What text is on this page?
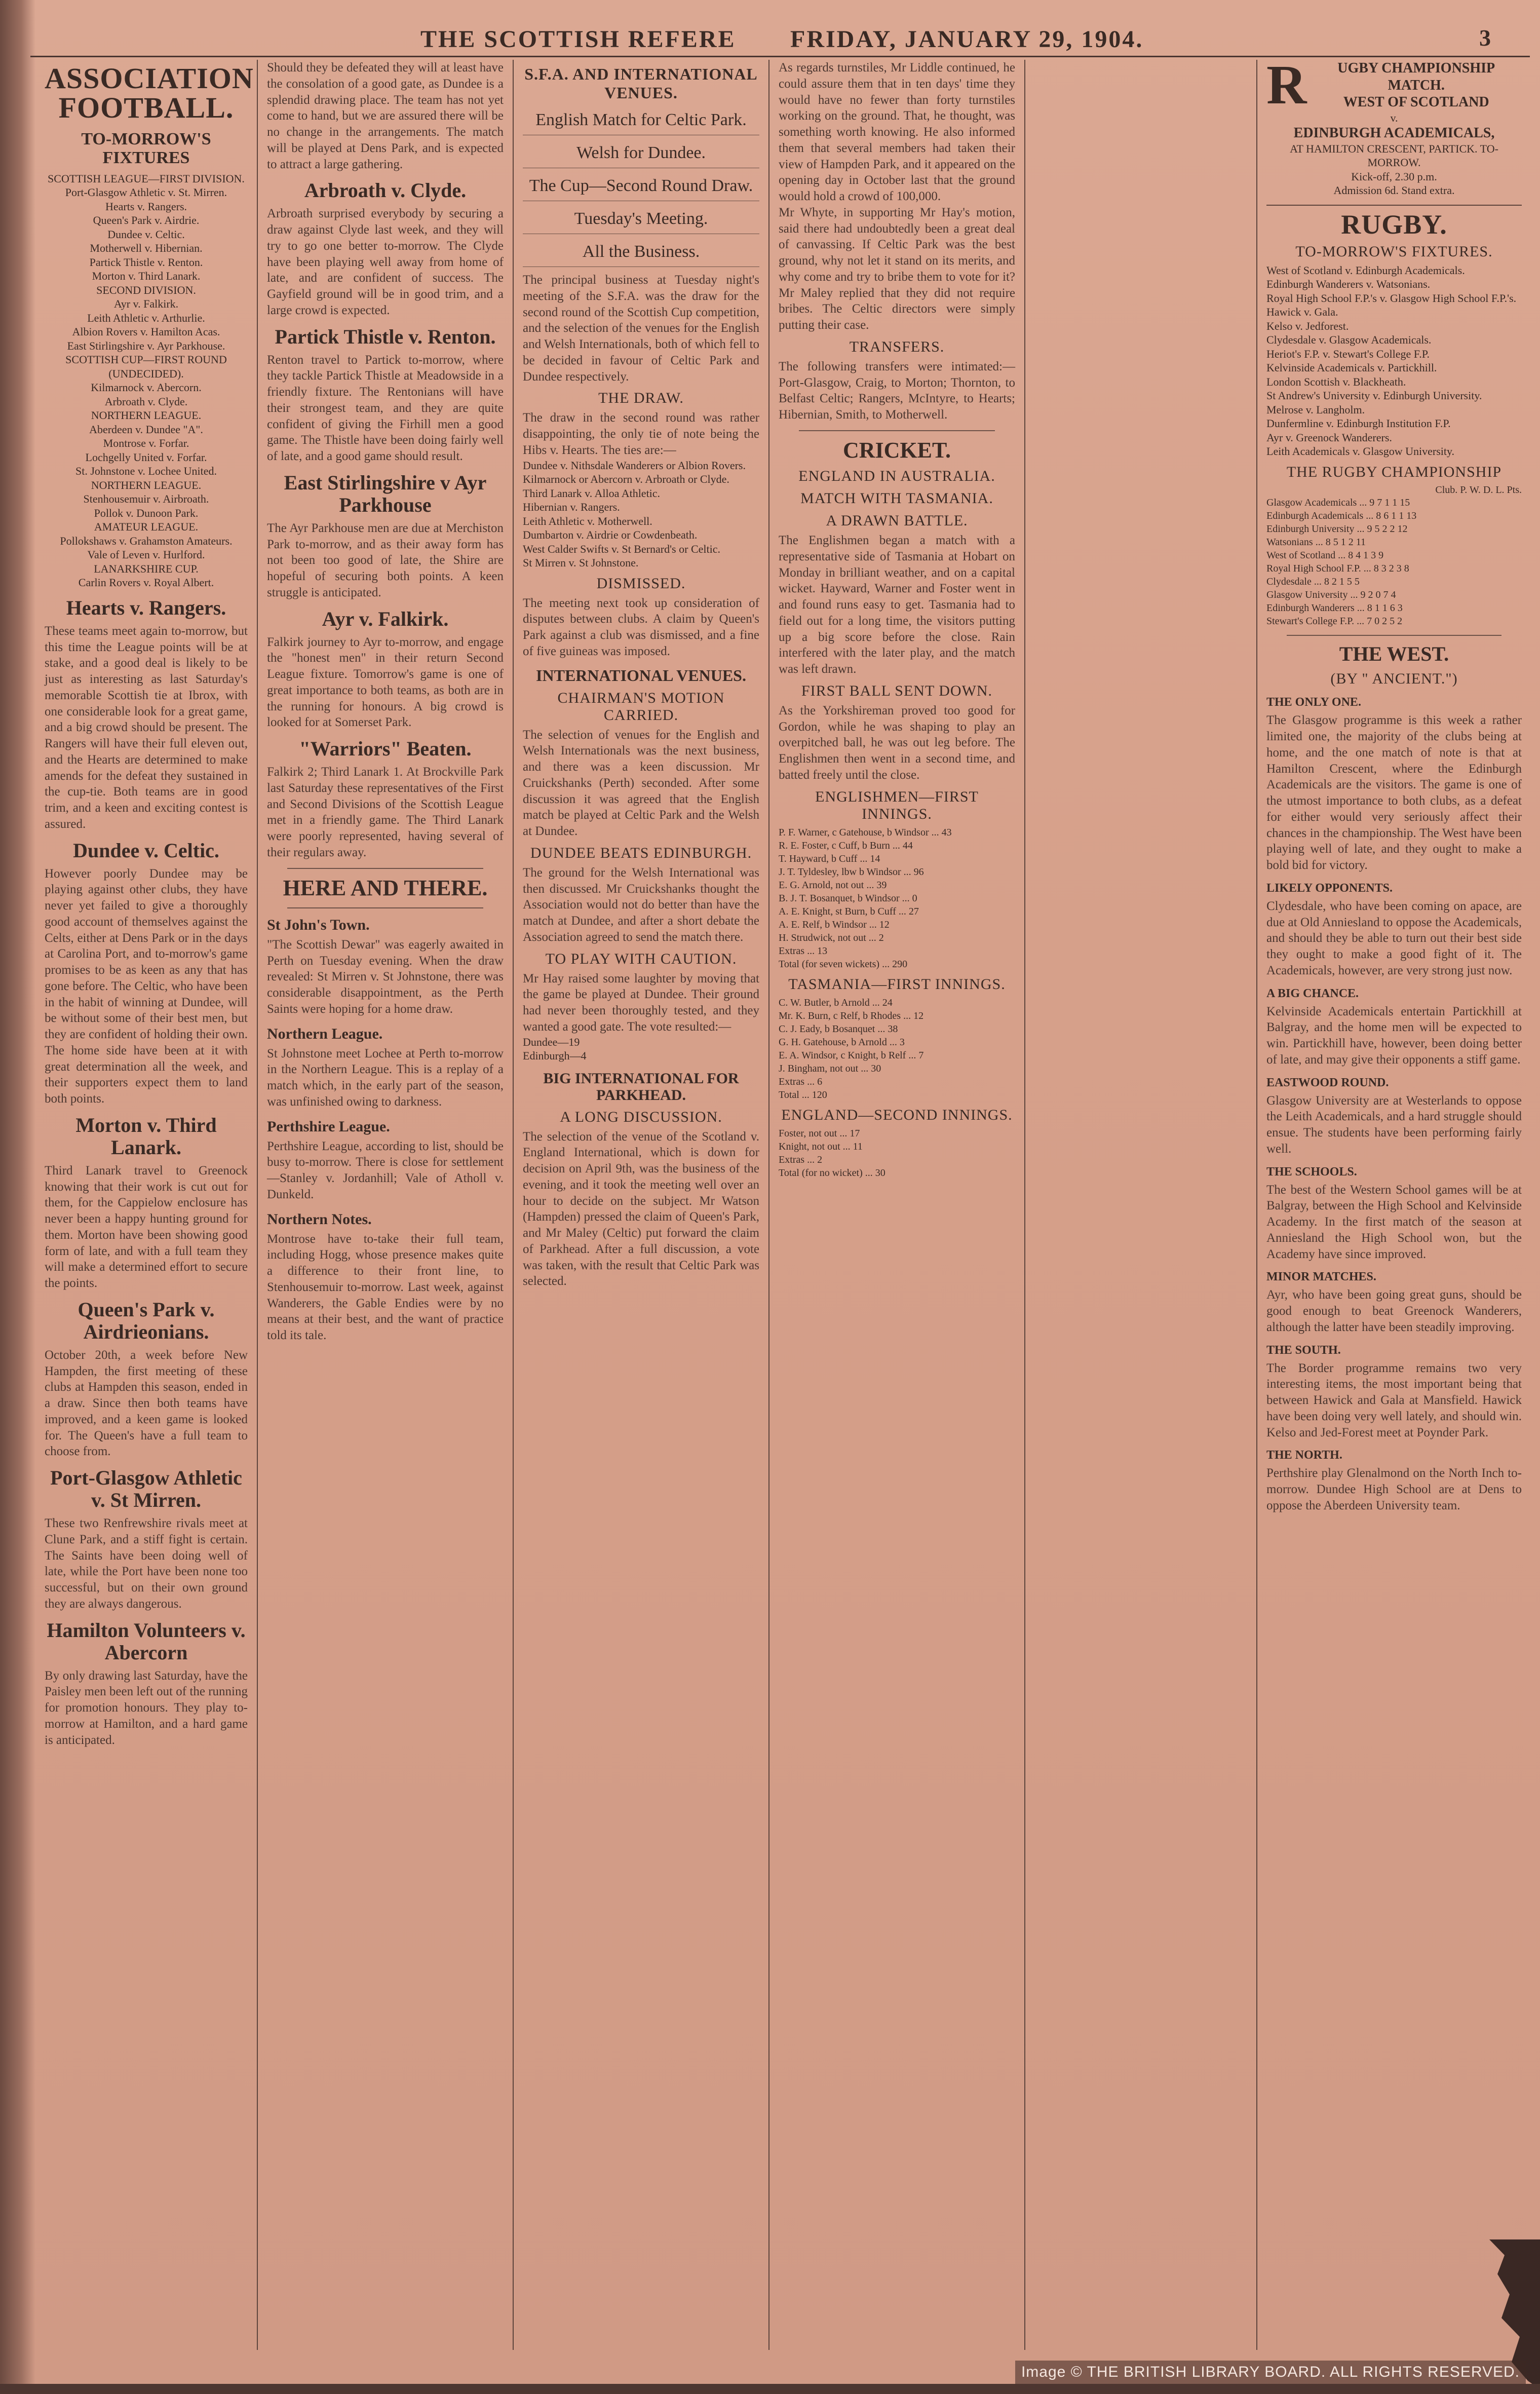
THE SCOTTISH REFERE FRIDAY, JANUARY 29, 1904.	3
ASSOCIATION FOOTBALL.
TO-MORROW'S FIXTURES
SCOTTISH LEAGUE—FIRST DIVISION.
Port-Glasgow Athletic v. St. Mirren.
Hearts v. Rangers.
Queen's Park v. Airdrie.
Dundee v. Celtic.
Motherwell v. Hibernian.
Partick Thistle v. Renton.
Morton v. Third Lanark.
SECOND DIVISION.
Ayr v. Falkirk.
Leith Athletic v. Arthurlie.
Albion Rovers v. Hamilton Acas.
East Stirlingshire v. Ayr Parkhouse.
SCOTTISH CUP—FIRST ROUND (UNDECIDED).
Kilmarnock v. Abercorn.
Arbroath v. Clyde.
NORTHERN LEAGUE.
Aberdeen v. Dundee "A".
Montrose v. Forfar.
Lochgelly United v. Forfar.
St. Johnstone v. Lochee United.
NORTHERN LEAGUE.
Stenhousemuir v. Airbroath.
Pollok v. Dunoon Park.
AMATEUR LEAGUE.
Pollokshaws v. Grahamston Amateurs.
Vale of Leven v. Hurlford.
LANARKSHIRE CUP.
Carlin Rovers v. Royal Albert.
Hearts v. Rangers.

These teams meet again to-morrow, but this time the League points will be at stake, and a good deal is likely to be just as interesting as last Saturday's memorable Scottish tie at Ibrox, with one considerable look for a great game, and a big crowd should be present. The Rangers will have their full eleven out, and the Hearts are determined to make amends for the defeat they sustained in the cup-tie. Both teams are in good trim, and a keen and exciting contest is assured.

Dundee v. Celtic.

However poorly Dundee may be playing against other clubs, they have never yet failed to give a thoroughly good account of themselves against the Celts, either at Dens Park or in the days at Carolina Port, and to-morrow's game promises to be as keen as any that has gone before. The Celtic, who have been in the habit of winning at Dundee, will be without some of their best men, but they are confident of holding their own. The home side have been at it with great determination all the week, and their supporters expect them to land both points.

Morton v. Third Lanark.

Third Lanark travel to Greenock knowing that their work is cut out for them, for the Cappielow enclosure has never been a happy hunting ground for them. Morton have been showing good form of late, and with a full team they will make a determined effort to secure the points.

Queen's Park v. Airdrieonians.

October 20th, a week before New Hampden, the first meeting of these clubs at Hampden this season, ended in a draw. Since then both teams have improved, and a keen game is looked for. The Queen's have a full team to choose from.

Port-Glasgow Athletic v. St Mirren.

These two Renfrewshire rivals meet at Clune Park, and a stiff fight is certain. The Saints have been doing well of late, while the Port have been none too successful, but on their own ground they are always dangerous.

Hamilton Volunteers v. Abercorn

By only drawing last Saturday, have the Paisley men been left out of the running for promotion honours. They play to-morrow at Hamilton, and a hard game is anticipated.

Should they be defeated they will at least have the consolation of a good gate, as Dundee is a splendid drawing place. The team has not yet come to hand, but we are assured there will be no change in the arrangements. The match will be played at Dens Park, and is expected to attract a large gathering.

Arbroath v. Clyde.

Arbroath surprised everybody by securing a draw against Clyde last week, and they will try to go one better to-morrow. The Clyde have been playing well away from home of late, and are confident of success. The Gayfield ground will be in good trim, and a large crowd is expected.

Partick Thistle v. Renton.

Renton travel to Partick to-morrow, where they tackle Partick Thistle at Meadowside in a friendly fixture. The Rentonians will have their strongest team, and they are quite confident of giving the Firhill men a good game. The Thistle have been doing fairly well of late, and a good game should result.

East Stirlingshire v Ayr Parkhouse

The Ayr Parkhouse men are due at Merchiston Park to-morrow, and as their away form has not been too good of late, the Shire are hopeful of securing both points. A keen struggle is anticipated.

Ayr v. Falkirk.

Falkirk journey to Ayr to-morrow, and engage the "honest men" in their return Second League fixture. Tomorrow's game is one of great importance to both teams, as both are in the running for honours. A big crowd is looked for at Somerset Park.

"Warriors" Beaten.

Falkirk 2; Third Lanark 1. At Brockville Park last Saturday these representatives of the First and Second Divisions of the Scottish League met in a friendly game. The Third Lanark were poorly represented, having several of their regulars away.

HERE AND THERE.
St John's Town.

"The Scottish Dewar" was eagerly awaited in Perth on Tuesday evening. When the draw revealed: St Mirren v. St Johnstone, there was considerable disappointment, as the Perth Saints were hoping for a home draw.

Northern League.

St Johnstone meet Lochee at Perth to-morrow in the Northern League. This is a replay of a match which, in the early part of the season, was unfinished owing to darkness.

Perthshire League.

Perthshire League, according to list, should be busy to-morrow. There is close for settlement—Stanley v. Jordanhill; Vale of Atholl v. Dunkeld.

Northern Notes.

Montrose have to-take their full team, including Hogg, whose presence makes quite a difference to their front line, to Stenhousemuir to-morrow. Last week, against Wanderers, the Gable Endies were by no means at their best, and the want of practice told its tale.

S.F.A. AND INTERNATIONAL VENUES.
English Match for Celtic Park.
Welsh for Dundee.
The Cup—Second Round Draw.
Tuesday's Meeting.
All the Business.

The principal business at Tuesday night's meeting of the S.F.A. was the draw for the second round of the Scottish Cup competition, and the selection of the venues for the English and Welsh Internationals, both of which fell to be decided in favour of Celtic Park and Dundee respectively.

THE DRAW.

The draw in the second round was rather disappointing, the only tie of note being the Hibs v. Hearts. The ties are:—

Dundee v. Nithsdale Wanderers or Albion Rovers.
Kilmarnock or Abercorn v. Arbroath or Clyde.
Third Lanark v. Alloa Athletic.
Hibernian v. Rangers.
Leith Athletic v. Motherwell.
Dumbarton v. Airdrie or Cowdenbeath.
West Calder Swifts v. St Bernard's or Celtic.
St Mirren v. St Johnstone.
DISMISSED.

The meeting next took up consideration of disputes between clubs. A claim by Queen's Park against a club was dismissed, and a fine of five guineas was imposed.

INTERNATIONAL VENUES.
CHAIRMAN'S MOTION CARRIED.

The selection of venues for the English and Welsh Internationals was the next business, and there was a keen discussion. Mr Cruickshanks (Perth) seconded. After some discussion it was agreed that the English match be played at Celtic Park and the Welsh at Dundee.

DUNDEE BEATS EDINBURGH.

The ground for the Welsh International was then discussed. Mr Cruickshanks thought the Association would not do better than have the match at Dundee, and after a short debate the Association agreed to send the match there.

TO PLAY WITH CAUTION.

Mr Hay raised some laughter by moving that the game be played at Dundee. Their ground had never been thoroughly tested, and they wanted a good gate. The vote resulted:—

Dundee—19
Edinburgh—4
BIG INTERNATIONAL FOR PARKHEAD.
A LONG DISCUSSION.

The selection of the venue of the Scotland v. England International, which is down for decision on April 9th, was the business of the evening, and it took the meeting well over an hour to decide on the subject. Mr Watson (Hampden) pressed the claim of Queen's Park, and Mr Maley (Celtic) put forward the claim of Parkhead. After a full discussion, a vote was taken, with the result that Celtic Park was selected.

As regards turnstiles, Mr Liddle continued, he could assure them that in ten days' time they would have no fewer than forty turnstiles working on the ground. That, he thought, was something worth knowing. He also informed them that several members had taken their view of Hampden Park, and it appeared on the opening day in October last that the ground would hold a crowd of 100,000.

Mr Whyte, in supporting Mr Hay's motion, said there had undoubtedly been a great deal of canvassing. If Celtic Park was the best ground, why not let it stand on its merits, and why come and try to bribe them to vote for it? Mr Maley replied that they did not require bribes. The Celtic directors were simply putting their case.

TRANSFERS.

The following transfers were intimated:— Port-Glasgow, Craig, to Morton; Thornton, to Belfast Celtic; Rangers, McIntyre, to Hearts; Hibernian, Smith, to Motherwell.

CRICKET.
ENGLAND IN AUSTRALIA.
MATCH WITH TASMANIA.
A DRAWN BATTLE.

The Englishmen began a match with a representative side of Tasmania at Hobart on Monday in brilliant weather, and on a capital wicket. Hayward, Warner and Foster went in and found runs easy to get. Tasmania had to field out for a long time, the visitors putting up a big score before the close. Rain interfered with the later play, and the match was left drawn.

FIRST BALL SENT DOWN.

As the Yorkshireman proved too good for Gordon, while he was shaping to play an overpitched ball, he was out leg before. The Englishmen then went in a second time, and batted freely until the close.

ENGLISHMEN—FIRST INNINGS.
P. F. Warner, c Gatehouse, b Windsor ... 43
R. E. Foster, c Cuff, b Burn ... 44
T. Hayward, b Cuff ... 14
J. T. Tyldesley, lbw b Windsor ... 96
E. G. Arnold, not out ... 39
B. J. T. Bosanquet, b Windsor ... 0
A. E. Knight, st Burn, b Cuff ... 27
A. E. Relf, b Windsor ... 12
H. Strudwick, not out ... 2
Extras ... 13
Total (for seven wickets) ... 290
TASMANIA—FIRST INNINGS.
C. W. Butler, b Arnold ... 24
Mr. K. Burn, c Relf, b Rhodes ... 12
C. J. Eady, b Bosanquet ... 38
G. H. Gatehouse, b Arnold ... 3
E. A. Windsor, c Knight, b Relf ... 7
J. Bingham, not out ... 30
Extras ... 6
Total ... 120
ENGLAND—SECOND INNINGS.
Foster, not out ... 17
Knight, not out ... 11
Extras ... 2
Total (for no wicket) ... 30
R	UGBY CHAMPIONSHIP MATCH.
WEST OF SCOTLAND
v.
EDINBURGH ACADEMICALS,
AT HAMILTON CRESCENT, PARTICK. TO-MORROW.
Kick-off, 2.30 p.m.
Admission 6d. Stand extra.
RUGBY.
TO-MORROW'S FIXTURES.
West of Scotland v. Edinburgh Academicals.
Edinburgh Wanderers v. Watsonians.
Royal High School F.P.'s v. Glasgow High School F.P.'s.
Hawick v. Gala.
Kelso v. Jedforest.
Clydesdale v. Glasgow Academicals.
Heriot's F.P. v. Stewart's College F.P.
Kelvinside Academicals v. Partickhill.
London Scottish v. Blackheath.
St Andrew's University v. Edinburgh University.
Melrose v. Langholm.
Dunfermline v. Edinburgh Institution F.P.
Ayr v. Greenock Wanderers.
Leith Academicals v. Glasgow University.
THE RUGBY CHAMPIONSHIP
Club. P. W. D. L. Pts.
Glasgow Academicals ... 9 7 1 1 15
Edinburgh Academicals ... 8 6 1 1 13
Edinburgh University ... 9 5 2 2 12
Watsonians ... 8 5 1 2 11
West of Scotland ... 8 4 1 3 9
Royal High School F.P. ... 8 3 2 3 8
Clydesdale ... 8 2 1 5 5
Glasgow University ... 9 2 0 7 4
Edinburgh Wanderers ... 8 1 1 6 3
Stewart's College F.P. ... 7 0 2 5 2
THE WEST.
(BY " ANCIENT.")
THE ONLY ONE.

The Glasgow programme is this week a rather limited one, the majority of the clubs being at home, and the one match of note is that at Hamilton Crescent, where the Edinburgh Academicals are the visitors. The game is one of the utmost importance to both clubs, as a defeat for either would very seriously affect their chances in the championship. The West have been playing well of late, and they ought to make a bold bid for victory.

LIKELY OPPONENTS.

Clydesdale, who have been coming on apace, are due at Old Anniesland to oppose the Academicals, and should they be able to turn out their best side they ought to make a good fight of it. The Academicals, however, are very strong just now.

A BIG CHANCE.

Kelvinside Academicals entertain Partickhill at Balgray, and the home men will be expected to win. Partickhill have, however, been doing better of late, and may give their opponents a stiff game.

EASTWOOD ROUND.

Glasgow University are at Westerlands to oppose the Leith Academicals, and a hard struggle should ensue. The students have been performing fairly well.

THE SCHOOLS.

The best of the Western School games will be at Balgray, between the High School and Kelvinside Academy. In the first match of the season at Anniesland the High School won, but the Academy have since improved.

MINOR MATCHES.

Ayr, who have been going great guns, should be good enough to beat Greenock Wanderers, although the latter have been steadily improving.

THE SOUTH.

The Border programme remains two very interesting items, the most important being that between Hawick and Gala at Mansfield. Hawick have been doing very well lately, and should win. Kelso and Jed-Forest meet at Poynder Park.

THE NORTH.

Perthshire play Glenalmond on the North Inch to-morrow. Dundee High School are at Dens to oppose the Aberdeen University team.

Image © THE BRITISH LIBRARY BOARD. ALL RIGHTS RESERVED.
